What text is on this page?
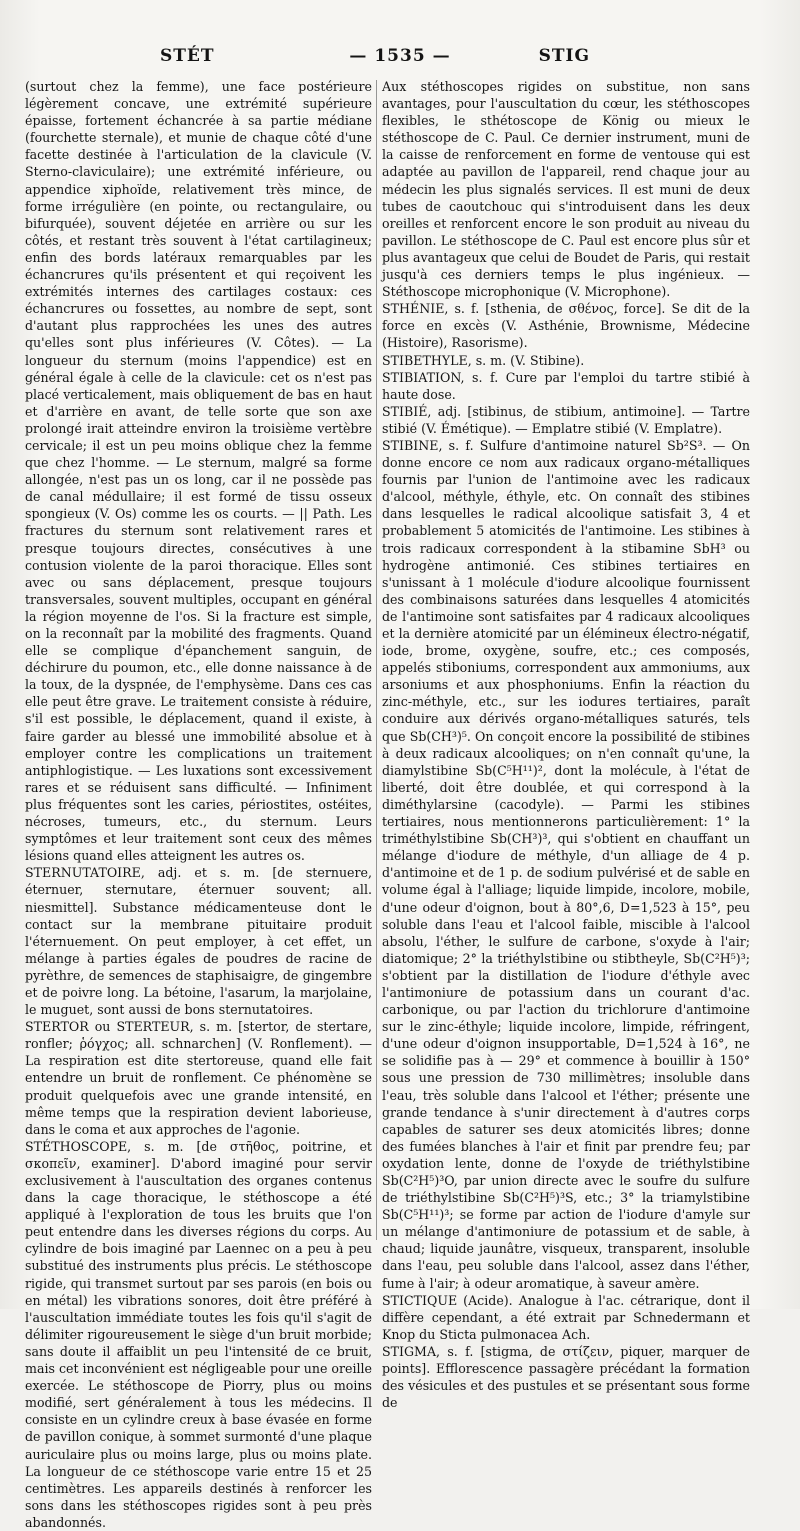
STÉT	— 1535 —	STIG

(surtout chez la femme), une face postérieure légèrement concave, une extrémité supérieure épaisse, fortement échancrée à sa partie médiane (fourchette sternale), et munie de chaque côté d'une facette destinée à l'articulation de la clavicule (V. Sterno-claviculaire); une extrémité inférieure, ou appendice xiphoïde, relativement très mince, de forme irrégulière (en pointe, ou rectangulaire, ou bifurquée), souvent déjetée en arrière ou sur les côtés, et restant très souvent à l'état cartilagineux; enfin des bords latéraux remarquables par les échancrures qu'ils présentent et qui reçoivent les extrémités internes des cartilages costaux: ces échancrures ou fossettes, au nombre de sept, sont d'autant plus rapprochées les unes des autres qu'elles sont plus inférieures (V. Côtes). — La longueur du sternum (moins l'appendice) est en général égale à celle de la clavicule: cet os n'est pas placé verticalement, mais obliquement de bas en haut et d'arrière en avant, de telle sorte que son axe prolongé irait atteindre environ la troisième vertèbre cervicale; il est un peu moins oblique chez la femme que chez l'homme. — Le sternum, malgré sa forme allongée, n'est pas un os long, car il ne possède pas de canal médullaire; il est formé de tissu osseux spongieux (V. Os) comme les os courts. — || Path. Les fractures du sternum sont relativement rares et presque toujours directes, consécutives à une contusion violente de la paroi thoracique. Elles sont avec ou sans déplacement, presque toujours transversales, souvent multiples, occupant en général la région moyenne de l'os. Si la fracture est simple, on la reconnaît par la mobilité des fragments. Quand elle se complique d'épanchement sanguin, de déchirure du poumon, etc., elle donne naissance à de la toux, de la dyspnée, de l'emphysème. Dans ces cas elle peut être grave. Le traitement consiste à réduire, s'il est possible, le déplacement, quand il existe, à faire garder au blessé une immobilité absolue et à employer contre les complications un traitement antiphlogistique. — Les luxations sont excessivement rares et se réduisent sans difficulté. — Infiniment plus fréquentes sont les caries, périostites, ostéites, nécroses, tumeurs, etc., du sternum. Leurs symptômes et leur traitement sont ceux des mêmes lésions quand elles atteignent les autres os.

STERNUTATOIRE, adj. et s. m. [de sternuere, éternuer, sternutare, éternuer souvent; all. niesmittel]. Substance médicamenteuse dont le contact sur la membrane pituitaire produit l'éternuement. On peut employer, à cet effet, un mélange à parties égales de poudres de racine de pyrèthre, de semences de staphisaigre, de gingembre et de poivre long. La bétoine, l'asarum, la marjolaine, le muguet, sont aussi de bons sternutatoires.

STERTOR ou STERTEUR, s. m. [stertor, de stertare, ronfler; ῥόγχος; all. schnarchen] (V. Ronflement). — La respiration est dite stertoreuse, quand elle fait entendre un bruit de ronflement. Ce phénomène se produit quelquefois avec une grande intensité, en même temps que la respiration devient laborieuse, dans le coma et aux approches de l'agonie.

STÉTHOSCOPE, s. m. [de στῆθος, poitrine, et σκοπεῖν, examiner]. D'abord imaginé pour servir exclusivement à l'auscultation des organes contenus dans la cage thoracique, le stéthoscope a été appliqué à l'exploration de tous les bruits que l'on peut entendre dans les diverses régions du corps. Au cylindre de bois imaginé par Laennec on a peu à peu substitué des instruments plus précis. Le stéthoscope rigide, qui transmet surtout par ses parois (en bois ou en métal) les vibrations sonores, doit être préféré à l'auscultation immédiate toutes les fois qu'il s'agit de délimiter rigoureusement le siège d'un bruit morbide; sans doute il affaiblit un peu l'intensité de ce bruit, mais cet inconvénient est négligeable pour une oreille exercée. Le stéthoscope de Piorry, plus ou moins modifié, sert généralement à tous les médecins. Il consiste en un cylindre creux à base évasée en forme de pavillon conique, à sommet surmonté d'une plaque auriculaire plus ou moins large, plus ou moins plate. La longueur de ce stéthoscope varie entre 15 et 25 centimètres. Les appareils destinés à renforcer les sons dans les stéthoscopes rigides sont à peu près abandonnés.

Aux stéthoscopes rigides on substitue, non sans avantages, pour l'auscultation du cœur, les stéthoscopes flexibles, le sthétoscope de König ou mieux le stéthoscope de C. Paul. Ce dernier instrument, muni de la caisse de renforcement en forme de ventouse qui est adaptée au pavillon de l'appareil, rend chaque jour au médecin les plus signalés services. Il est muni de deux tubes de caoutchouc qui s'introduisent dans les deux oreilles et renforcent encore le son produit au niveau du pavillon. Le stéthoscope de C. Paul est encore plus sûr et plus avantageux que celui de Boudet de Paris, qui restait jusqu'à ces derniers temps le plus ingénieux. — Stéthoscope microphonique (V. Microphone).

STHÉNIE, s. f. [sthenia, de σθένος, force]. Se dit de la force en excès (V. Asthénie, Brownisme, Médecine (Histoire), Rasorisme).

STIBETHYLE, s. m. (V. Stibine).

STIBIATION, s. f. Cure par l'emploi du tartre stibié à haute dose.

STIBIÉ, adj. [stibinus, de stibium, antimoine]. — Tartre stibié (V. Émétique). — Emplatre stibié (V. Emplatre).

STIBINE, s. f. Sulfure d'antimoine naturel Sb²S³. — On donne encore ce nom aux radicaux organo-métalliques fournis par l'union de l'antimoine avec les radicaux d'alcool, méthyle, éthyle, etc. On connaît des stibines dans lesquelles le radical alcoolique satisfait 3, 4 et probablement 5 atomicités de l'antimoine. Les stibines à trois radicaux correspondent à la stibamine SbH³ ou hydrogène antimonié. Ces stibines tertiaires en s'unissant à 1 molécule d'iodure alcoolique fournissent des combinaisons saturées dans lesquelles 4 atomicités de l'antimoine sont satisfaites par 4 radicaux alcooliques et la dernière atomicité par un élémineux électro-négatif, iode, brome, oxygène, soufre, etc.; ces composés, appelés stiboniums, correspondent aux ammoniums, aux arsoniums et aux phosphoniums. Enfin la réaction du zinc-méthyle, etc., sur les iodures tertiaires, paraît conduire aux dérivés organo-métalliques saturés, tels que Sb(CH³)⁵. On conçoit encore la possibilité de stibines à deux radicaux alcooliques; on n'en connaît qu'une, la diamylstibine Sb(C⁵H¹¹)², dont la molécule, à l'état de liberté, doit être doublée, et qui correspond à la diméthylarsine (cacodyle). — Parmi les stibines tertiaires, nous mentionnerons particulièrement: 1° la triméthylstibine Sb(CH³)³, qui s'obtient en chauffant un mélange d'iodure de méthyle, d'un alliage de 4 p. d'antimoine et de 1 p. de sodium pulvérisé et de sable en volume égal à l'alliage; liquide limpide, incolore, mobile, d'une odeur d'oignon, bout à 80°,6, D=1,523 à 15°, peu soluble dans l'eau et l'alcool faible, miscible à l'alcool absolu, l'éther, le sulfure de carbone, s'oxyde à l'air; diatomique; 2° la triéthylstibine ou stibtheyle, Sb(C²H⁵)³; s'obtient par la distillation de l'iodure d'éthyle avec l'antimoniure de potassium dans un courant d'ac. carbonique, ou par l'action du trichlorure d'antimoine sur le zinc-éthyle; liquide incolore, limpide, réfringent, d'une odeur d'oignon insupportable, D=1,524 à 16°, ne se solidifie pas à — 29° et commence à bouillir à 150° sous une pression de 730 millimètres; insoluble dans l'eau, très soluble dans l'alcool et l'éther; présente une grande tendance à s'unir directement à d'autres corps capables de saturer ses deux atomicités libres; donne des fumées blanches à l'air et finit par prendre feu; par oxydation lente, donne de l'oxyde de triéthylstibine Sb(C²H⁵)³O, par union directe avec le soufre du sulfure de triéthylstibine Sb(C²H⁵)³S, etc.; 3° la triamylstibine Sb(C⁵H¹¹)³; se forme par action de l'iodure d'amyle sur un mélange d'antimoniure de potassium et de sable, à chaud; liquide jaunâtre, visqueux, transparent, insoluble dans l'eau, peu soluble dans l'alcool, assez dans l'éther, fume à l'air; à odeur aromatique, à saveur amère.

STICTIQUE (Acide). Analogue à l'ac. cétrarique, dont il diffère cependant, a été extrait par Schnedermann et Knop du Sticta pulmonacea Ach.

STIGMA, s. f. [stigma, de στίζειν, piquer, marquer de points]. Efflorescence passagère précédant la formation des vésicules et des pustules et se présentant sous forme de
